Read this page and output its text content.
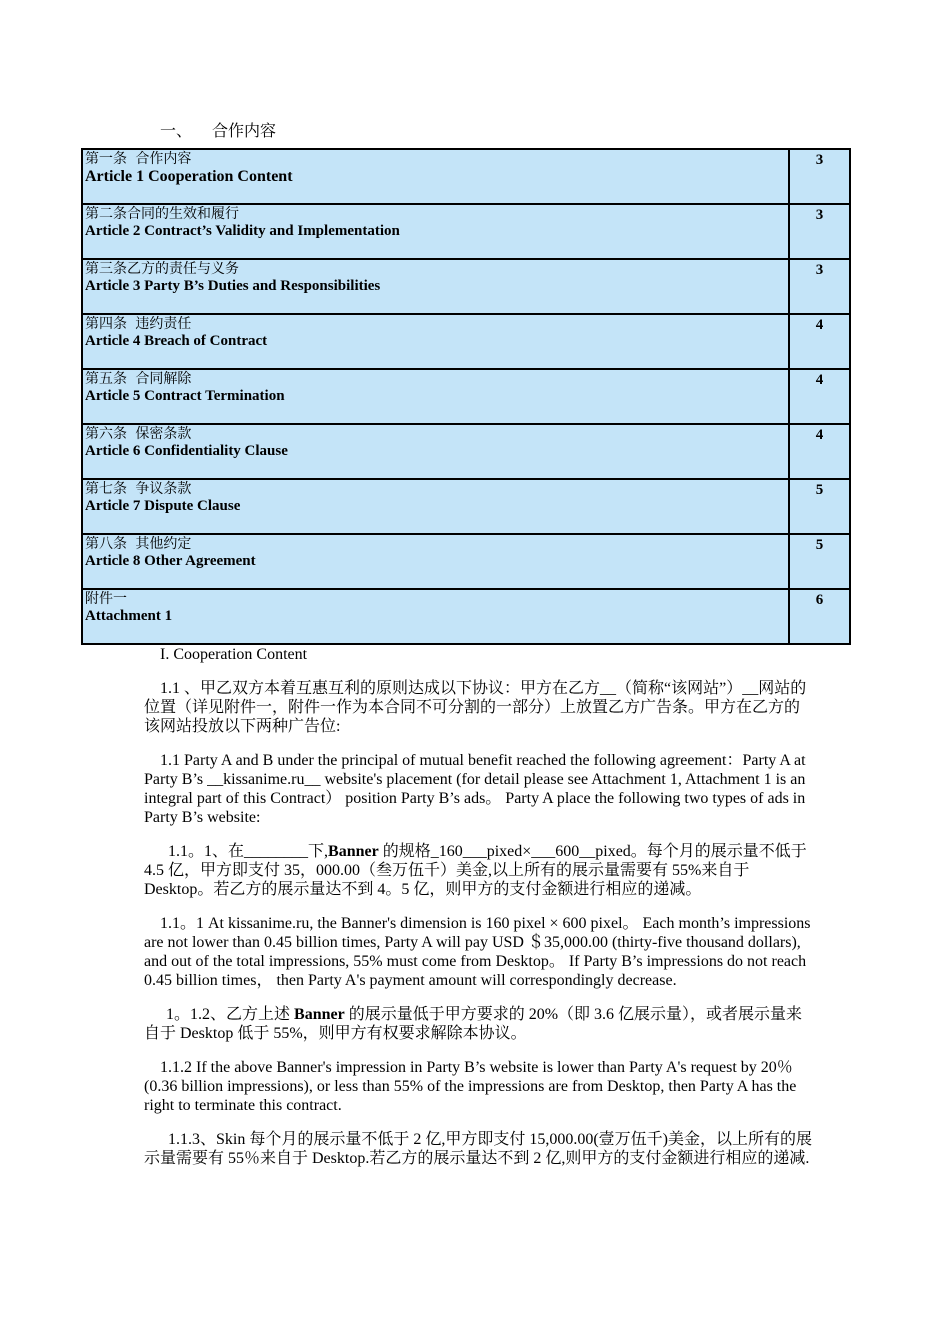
一、 合作内容
第一条 合作内容
Article 1 Cooperation Content	3

第二条合同的生效和履行
Article 2 Contract’s Validity and Implementation	3

第三条乙方的责任与义务
Article 3 Party B’s Duties and Responsibilities	3

第四条 违约责任
Article 4 Breach of Contract	4

第五条 合同解除
Article 5 Contract Termination	4

第六条 保密条款
Article 6 Confidentiality Clause	4

第七条 争议条款
Article 7 Dispute Clause	5

第八条 其他约定
Article 8 Other Agreement	5

附件一
Attachment 1	6

I. Cooperation Content

1.1 、甲乙双方本着互惠互利的原则达成以下协议：甲方在乙方__（简称“该网站”）__网站的位置（详见附件一，附件一作为本合同不可分割的一部分）上放置乙方广告条。甲方在乙方的该网站投放以下两种广告位:

1.1 Party A and B under the principal of mutual benefit reached the following agreement：Party A at Party B’s __kissanime.ru__ website's placement (for detail please see Attachment 1, Attachment 1 is an integral part of this Contract） position Party B’s ads。 Party A place the following two types of ads in Party B’s website:

1.1。1、在________下,Banner 的规格_160___pixed×___600__pixed。每个月的展示量不低于 4.5 亿，甲方即支付 35，000.00（叁万伍千）美金,以上所有的展示量需要有 55%来自于 Desktop。若乙方的展示量达不到 4。5 亿，则甲方的支付金额进行相应的递减。

1.1。1 At kissanime.ru, the Banner's dimension is 160 pixel × 600 pixel。 Each month’s impressions are not lower than 0.45 billion times, Party A will pay USD ＄35,000.00 (thirty-five thousand dollars), and out of the total impressions, 55% must come from Desktop。 If Party B’s impressions do not reach 0.45 billion times， then Party A's payment amount will correspondingly decrease.

1。1.2、乙方上述 Banner 的展示量低于甲方要求的 20%（即 3.6 亿展示量），或者展示量来自于 Desktop 低于 55%，则甲方有权要求解除本协议。

1.1.2 If the above Banner's impression in Party B’s website is lower than Party A's request by 20％ (0.36 billion impressions), or less than 55% of the impressions are from Desktop, then Party A has the right to terminate this contract.

1.1.3、Skin 每个月的展示量不低于 2 亿,甲方即支付 15,000.00(壹万伍千)美金，以上所有的展示量需要有 55％来自于 Desktop.若乙方的展示量达不到 2 亿,则甲方的支付金额进行相应的递减.
